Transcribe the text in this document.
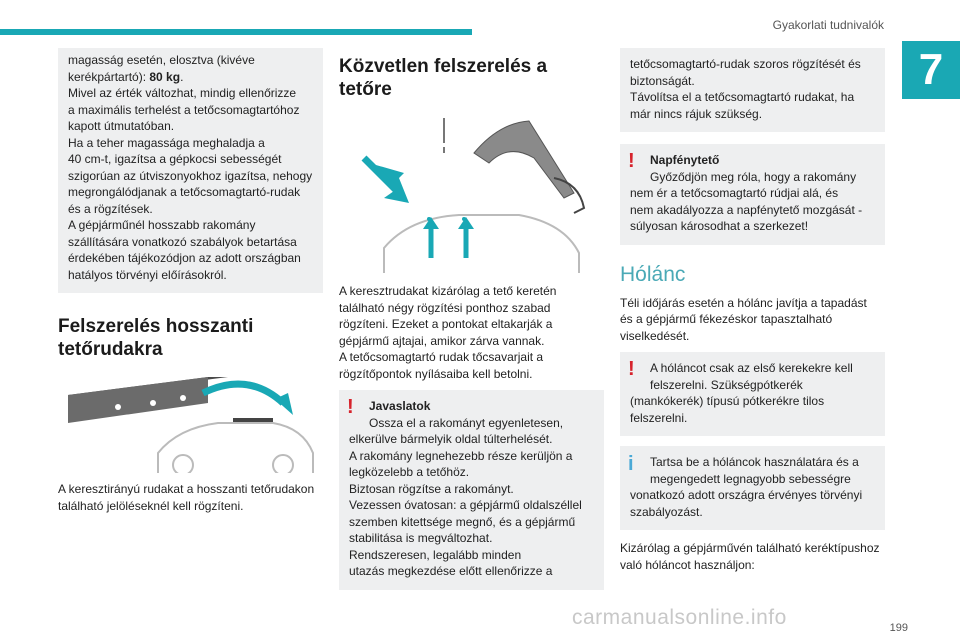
Gyakorlati tudnivalók
7

magasság esetén, elosztva (kivéve

kerékpártartó): 80 kg.

Mivel az érték változhat, mindig ellenőrizze

a maximális terhelést a tetőcsomagtartóhoz

kapott útmutatóban.

Ha a teher magassága meghaladja a

40 cm-t, igazítsa a gépkocsi sebességét

szigorúan az útviszonyokhoz igazítsa, nehogy

megrongálódjanak a tetőcsomagtartó-rudak

és a rögzítések.

A gépjárműnél hosszabb rakomány

szállítására vonatkozó szabályok betartása

érdekében tájékozódjon az adott országban

hatályos törvényi előírásokról.

Felszerelés hosszanti tetőrudakra

A keresztirányú rudakat a hosszanti tetőrudakon

található jelöléseknél kell rögzíteni.

Közvetlen felszerelés a tetőre

A keresztrudakat kizárólag a tető keretén

található négy rögzítési ponthoz szabad

rögzíteni. Ezeket a pontokat eltakarják a

gépjármű ajtajai, amikor zárva vannak.

A tetőcsomagtartó rudak tőcsavarjait a

rögzítőpontok nyílásaiba kell betolni.

! Javaslatok

Ossza el a rakományt egyenletesen,

elkerülve bármelyik oldal túlterhelését.

A rakomány legnehezebb része kerüljön a

legközelebb a tetőhöz.

Biztosan rögzítse a rakományt.

Vezessen óvatosan: a gépjármű oldalszéllel

szemben kitettsége megnő, és a gépjármű

stabilitása is megváltozhat.

Rendszeresen, legalább minden

utazás megkezdése előtt ellenőrizze a

tetőcsomagtartó-rudak szoros rögzítését és

biztonságát.

Távolítsa el a tetőcsomagtartó rudakat, ha

már nincs rájuk szükség.

! Napfénytető

Győződjön meg róla, hogy a rakomány

nem ér a tetőcsomagtartó rúdjai alá, és

nem akadályozza a napfénytető mozgását -

súlyosan károsodhat a szerkezet!

Hólánc

Téli időjárás esetén a hólánc javítja a tapadást

és a gépjármű fékezéskor tapasztalható

viselkedését.

! A hóláncot csak az első kerekekre kell

felszerelni. Szükségpótkerék

(mankókerék) típusú pótkerékre tilos

felszerelni.

i Tartsa be a hóláncok használatára és a

megengedett legnagyobb sebességre

vonatkozó adott országra érvényes törvényi

szabályozást.

Kizárólag a gépjárművén található keréktípushoz

való hóláncot használjon:

199
carmanualsonline.info
